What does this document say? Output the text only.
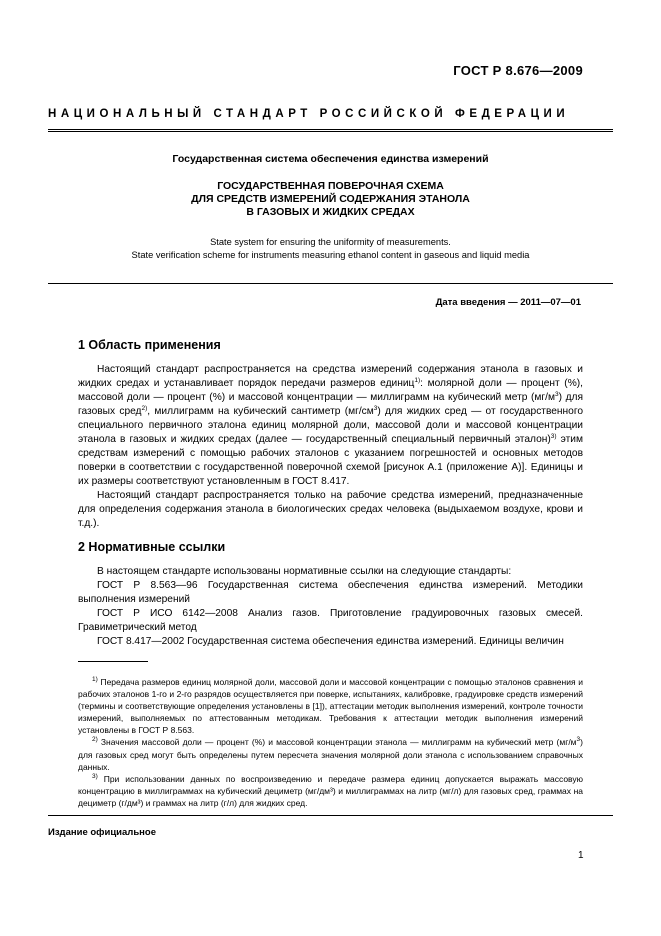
ГОСТ Р 8.676—2009
НАЦИОНАЛЬНЫЙ СТАНДАРТ РОССИЙСКОЙ ФЕДЕРАЦИИ
Государственная система обеспечения единства измерений
ГОСУДАРСТВЕННАЯ ПОВЕРОЧНАЯ СХЕМА
ДЛЯ СРЕДСТВ ИЗМЕРЕНИЙ СОДЕРЖАНИЯ ЭТАНОЛА
В ГАЗОВЫХ И ЖИДКИХ СРЕДАХ
State system for ensuring the uniformity of measurements.
State verification scheme for instruments measuring ethanol content in gaseous and liquid media
Дата введения — 2011—07—01
1 Область применения

Настоящий стандарт распространяется на средства измерений содержания этанола в газовых и жидких средах и устанавливает порядок передачи размеров единиц$^{1)}$: молярной доли — процент (%), массовой доли — процент (%) и массовой концентрации — миллиграмм на кубический метр $(мг/м^3)$ для газовых сред$^{2)}$, миллиграмм на кубический сантиметр $(мг/см^3)$ для жидких сред — от государственного специального первичного эталона единиц молярной доли, массовой доли и массовой концентрации этанола в газовых и жидких средах (далее — государственный специальный первичный эталон)$^{3)}$ этим средствам измерений с помощью рабочих эталонов с указанием погрешностей и основных методов поверки в соответствии с государственной поверочной схемой [рисунок А.1 (приложение А)]. Единицы и их размеры соответствуют установленным в ГОСТ 8.417.

Настоящий стандарт распространяется только на рабочие средства измерений, предназначенные для определения содержания этанола в биологических средах человека (выдыхаемом воздухе, крови и т.д.).

2 Нормативные ссылки

В настоящем стандарте использованы нормативные ссылки на следующие стандарты:

ГОСТ Р 8.563—96 Государственная система обеспечения единства измерений. Методики выполнения измерений

ГОСТ Р ИСО 6142—2008 Анализ газов. Приготовление градуировочных газовых смесей. Гравиметрический метод

ГОСТ 8.417—2002 Государственная система обеспечения единства измерений. Единицы величин

$^{1)}$ Передача размеров единиц молярной доли, массовой доли и массовой концентрации с помощью эталонов сравнения и рабочих эталонов 1-го и 2-го разрядов осуществляется при поверке, испытаниях, калибровке, градуировке средств измерений (термины и соответствующие определения установлены в [1]), аттестации методик выполнения измерений, контроле точности измерений, выполняемых по аттестованным методикам. Требования к аттестации методик выполнения измерений установлены в ГОСТ Р 8.563.

$^{2)}$ Значения массовой доли — процент (%) и массовой концентрации этанола — миллиграмм на кубический метр $(мг/м^3)$ для газовых сред могут быть определены путем пересчета значения молярной доли этанола с использованием справочных данных.

$^{3)}$ При использовании данных по воспроизведению и передаче размера единиц допускается выражать массовую концентрацию в миллиграммах на кубический дециметр (мг/дм³) и миллиграммах на литр (мг/л) для газовых сред, граммах на дециметр (г/дм³) и граммах на литр (г/л) для жидких сред.

Издание официальное
1
